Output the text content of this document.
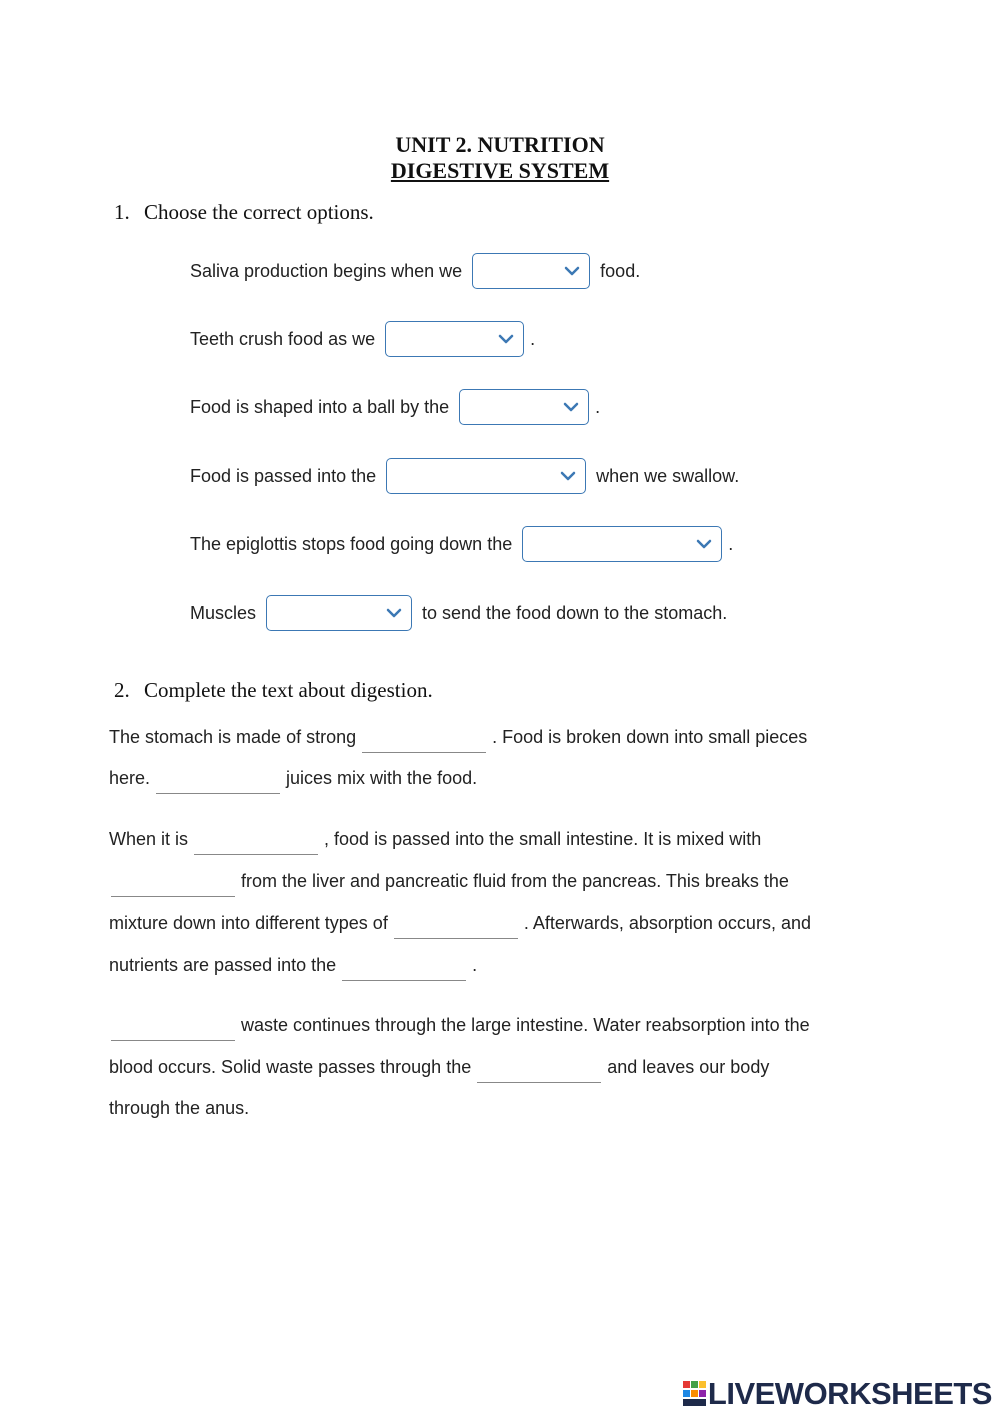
UNIT 2. NUTRITION
DIGESTIVE SYSTEM
1. Choose the correct options.
Saliva production begins when we	food.
Teeth crush food as we	.
Food is shaped into a ball by the	.
Food is passed into the	when we swallow.
The epiglottis stops food going down the	.
Muscles	to send the food down to the stomach.
2. Complete the text about digestion.
The stomach is made of strong	. Food is broken down into small pieces
here.	juices mix with the food.
When it is	, food is passed into the small intestine. It is mixed with
from the liver and pancreatic fluid from the pancreas. This breaks the
mixture down into different types of	. Afterwards, absorption occurs, and
nutrients are passed into the	.
waste continues through the large intestine. Water reabsorption into the
blood occurs. Solid waste passes through the	and leaves our body
through the anus.
LIVEWORKSHEETS
